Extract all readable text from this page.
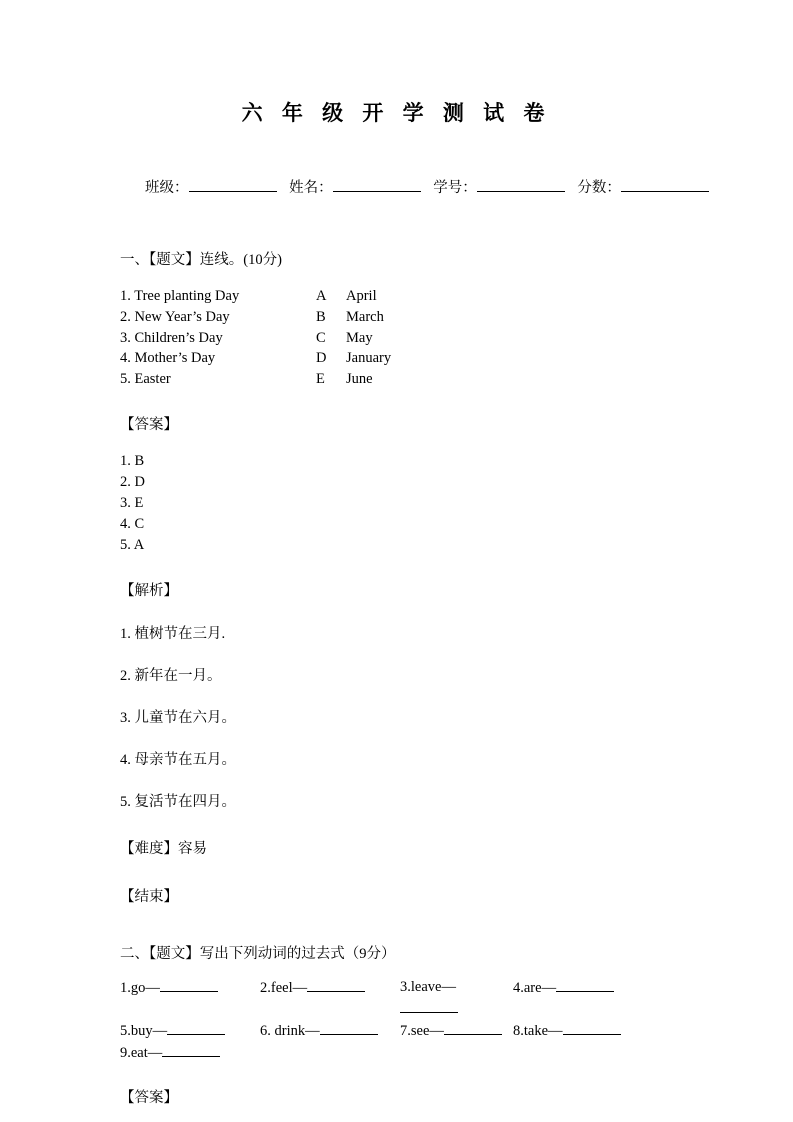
六 年 级 开 学 测 试 卷
班级：	姓名：	学号：	分数：
一、【题文】连线。(10分)
1. Tree planting Day	A	April
2. New Year’s Day	B	March
3. Children’s Day	C	May
4. Mother’s Day	D	January
5. Easter	E	June
【答案】
1. B
2. D
3. E
4. C
5. A
【解析】
1. 植树节在三月.
2. 新年在一月。
3. 儿童节在六月。
4. 母亲节在五月。
5. 复活节在四月。
【难度】容易
【结束】
二、【题文】写出下列动词的过去式（9分）
1.go—	2.feel—	3.leave—	4.are—
5.buy—	6. drink—	7.see—	8.take—
9.eat—
【答案】
